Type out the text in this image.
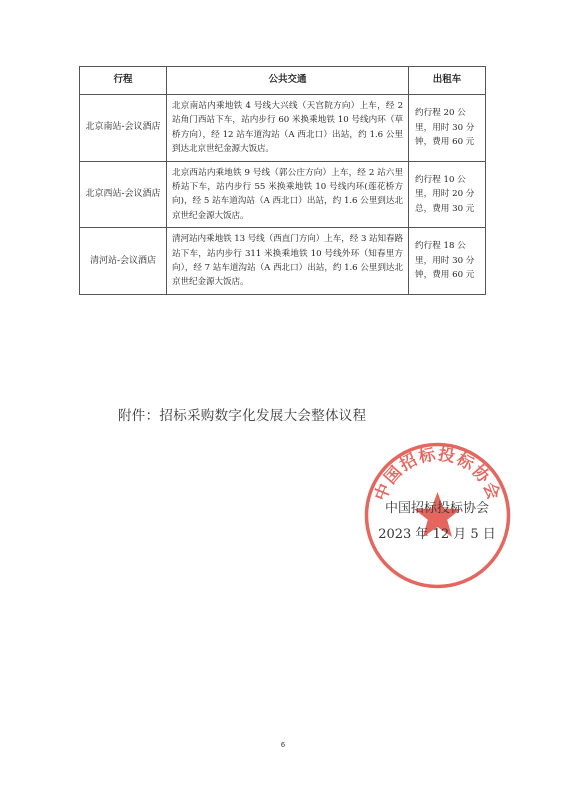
行程	公共交通	出租车
北京南站-会议酒店	北京南站内乘地铁 4 号线大兴线（天宫院方向）上车，经 2 站角门西站下车，站内步行 60 米换乘地铁 10 号线内环（草桥方向），经 12 站车道沟站（A 西北口）出站，约 1.6 公里到达北京世纪金源大饭店。	约行程 20 公里，用时 30 分钟，费用 60 元
北京西站-会议酒店	北京西站内乘地铁 9 号线（郭公庄方向）上车，经 2 站六里桥站下车，站内步行 55 米换乘地铁 10 号线内环(莲花桥方向)，经 5 站车道沟站（A 西北口）出站，约 1.6 公里到达北京世纪金源大饭店。	约行程 10 公里，用时 20 分总，费用 30 元
清河站-会议酒店	清河站内乘地铁 13 号线（西直门方向）上车，经 3 站知春路站下车，站内步行 311 米换乘地铁 10 号线外环（知春里方向），经 7 站车道沟站（A 西北口）出站，约 1.6 公里到达北京世纪金源大饭店。	约行程 18 公里，用时 30 分钟，费用 60 元
附件：招标采购数字化发展大会整体议程
中国招标投标协会
中国招标投标协会
2023 年 12 月 5 日
6
